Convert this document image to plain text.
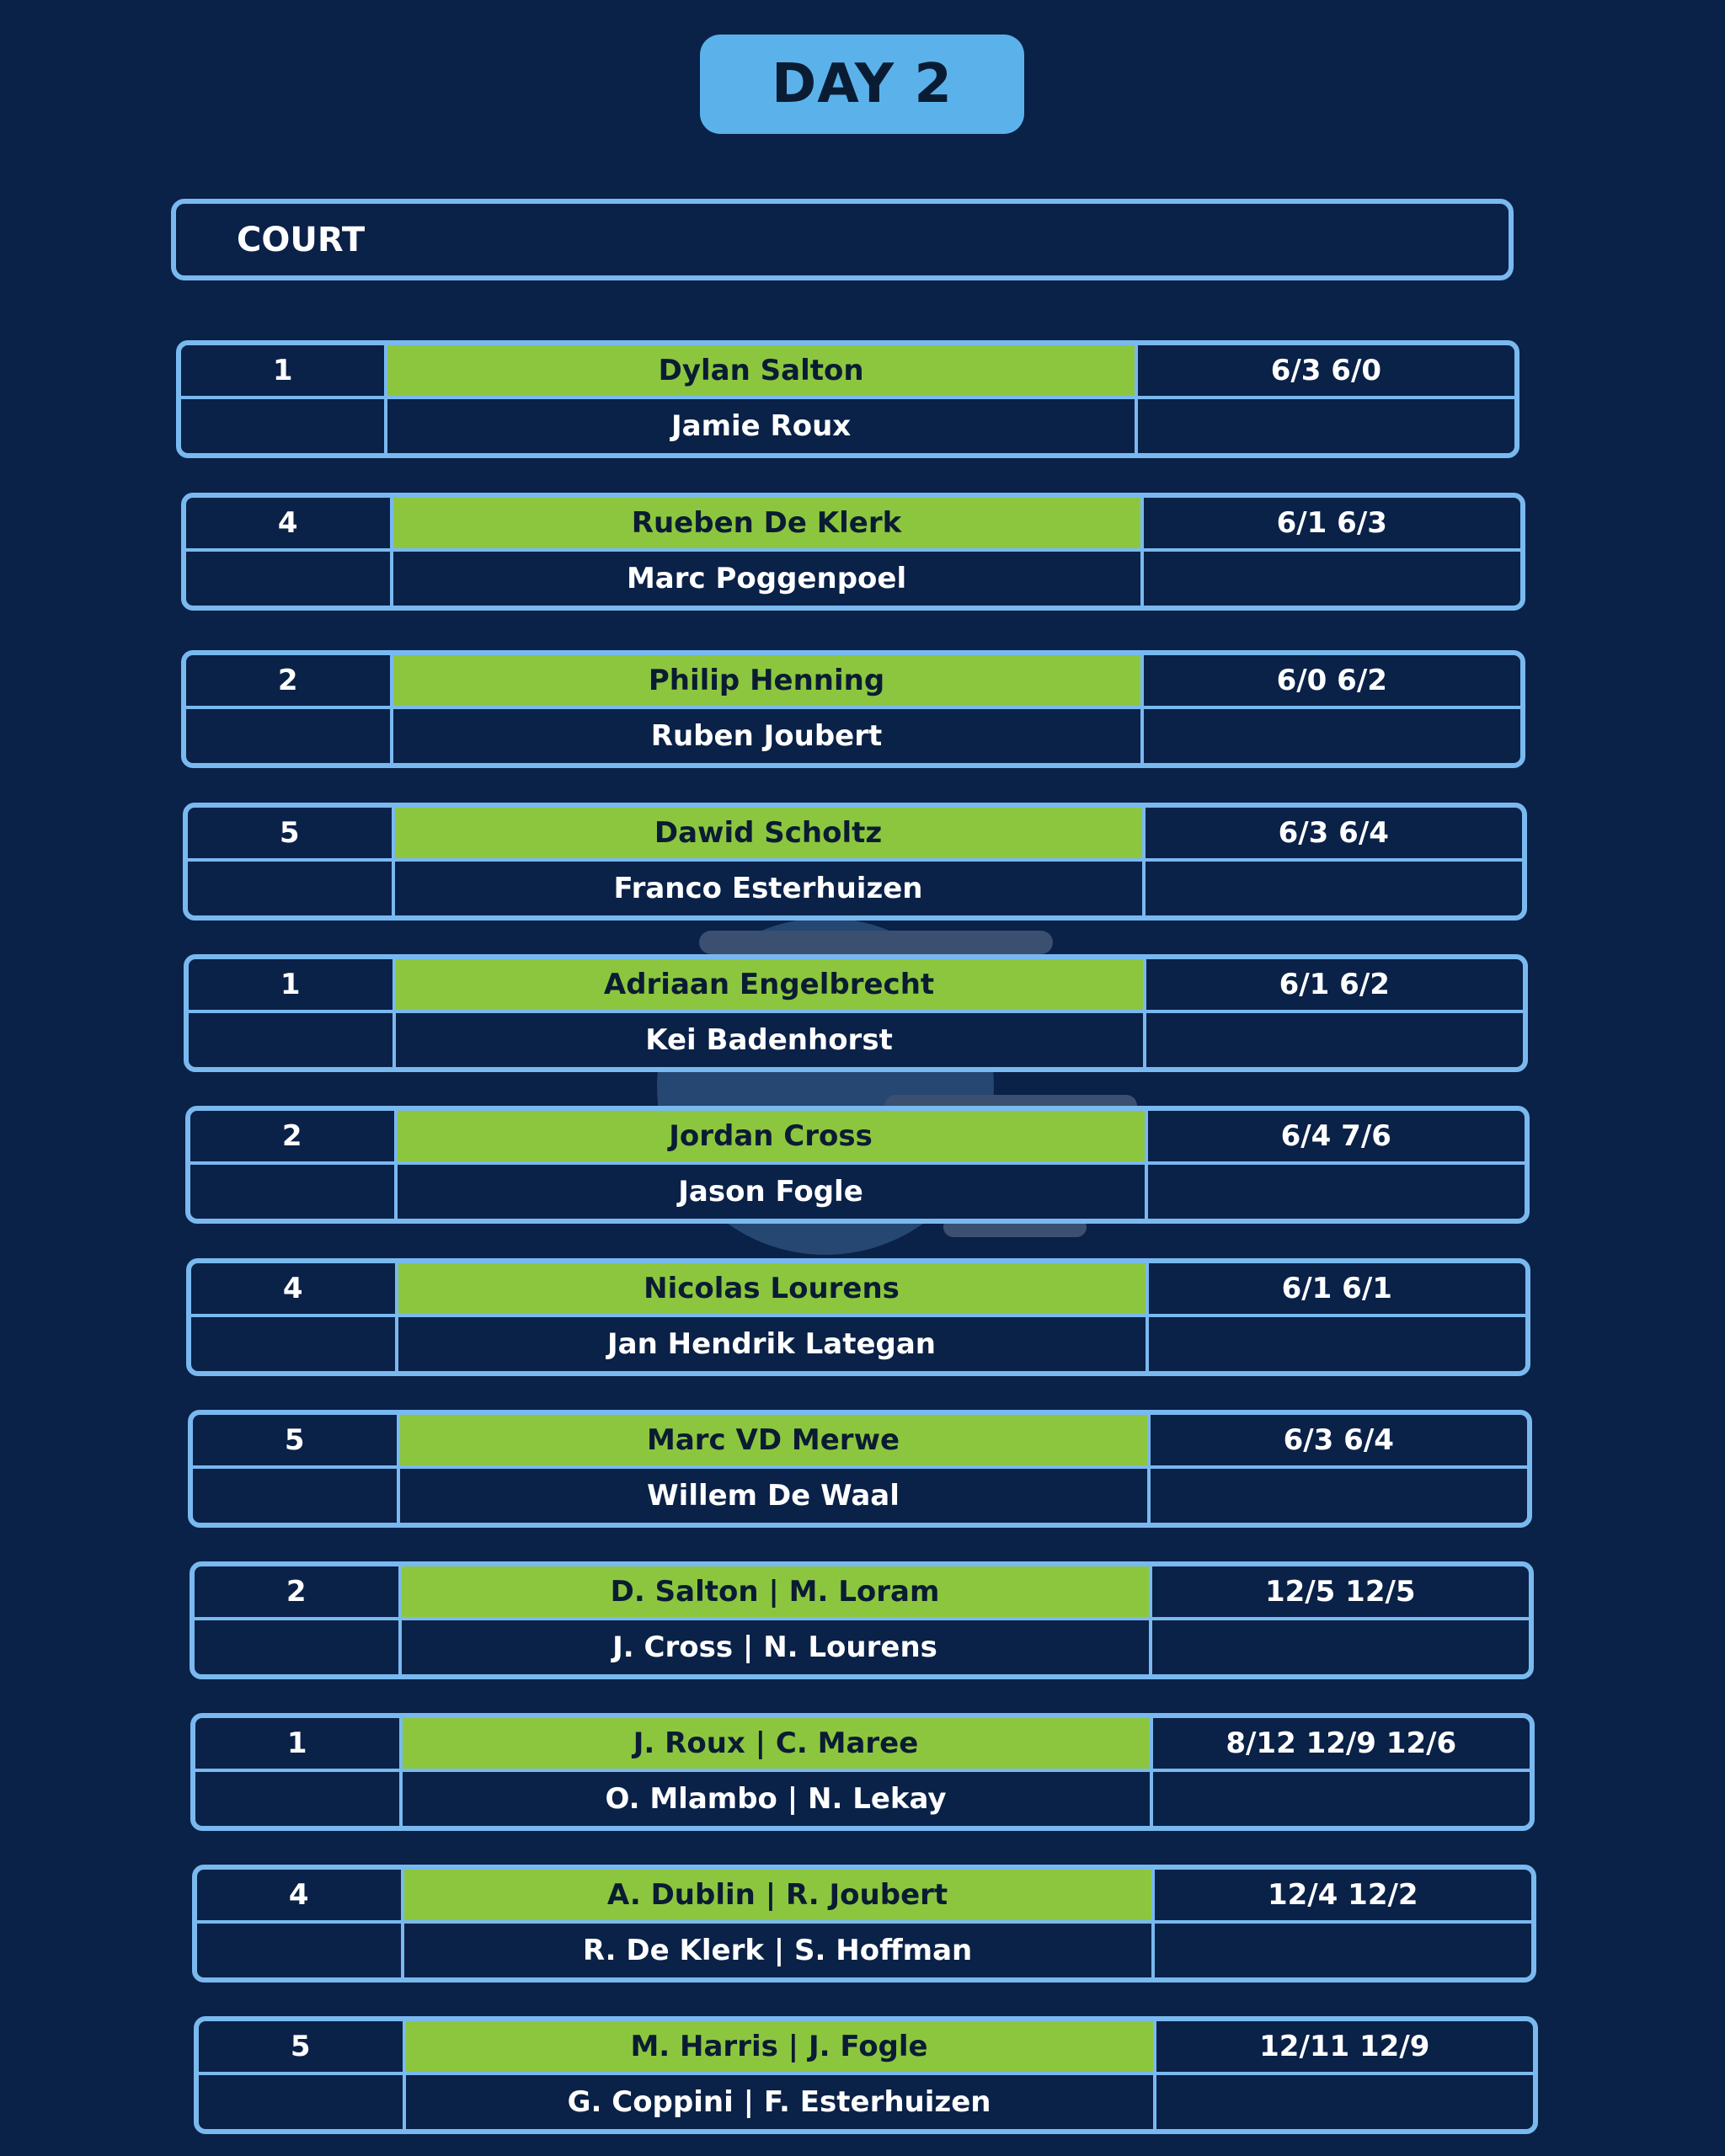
DAY 2
COURT
1	Dylan Salton	6/3 6/0
Jamie Roux
4	Rueben De Klerk	6/1 6/3
Marc Poggenpoel
2	Philip Henning	6/0 6/2
Ruben Joubert
5	Dawid Scholtz	6/3 6/4
Franco Esterhuizen
1	Adriaan Engelbrecht	6/1 6/2
Kei Badenhorst
2	Jordan Cross	6/4 7/6
Jason Fogle
4	Nicolas Lourens	6/1 6/1
Jan Hendrik Lategan
5	Marc VD Merwe	6/3 6/4
Willem De Waal
2	D. Salton | M. Loram	12/5 12/5
J. Cross | N. Lourens
1	J. Roux | C. Maree	8/12 12/9 12/6
O. Mlambo | N. Lekay
4	A. Dublin | R. Joubert	12/4 12/2
R. De Klerk | S. Hoffman
5	M. Harris | J. Fogle	12/11 12/9
G. Coppini | F. Esterhuizen
